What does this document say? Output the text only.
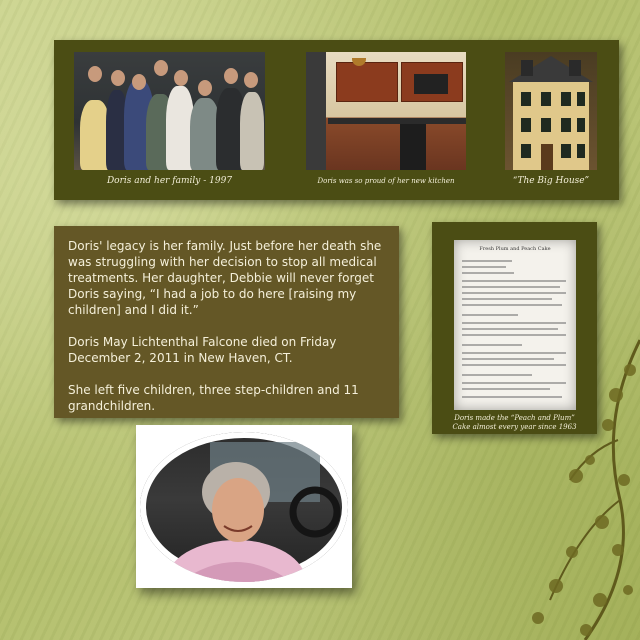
Doris and her family - 1997	Doris was so proud of her new kitchen	“The Big House”

Doris' legacy is her family. Just before her death she was struggling with her decision to stop all medical treatments. Her daughter, Debbie will never forget Doris saying, “I had a job to do here [raising my children] and I did it.”

Doris May Lichtenthal Falcone died on Friday December 2, 2011 in New Haven, CT.

She left five children, three step-children and 11 grandchildren.

Fresh Plum and Peach Cake
Doris made the “Peach and Plum”
Cake almost every year since 1963
